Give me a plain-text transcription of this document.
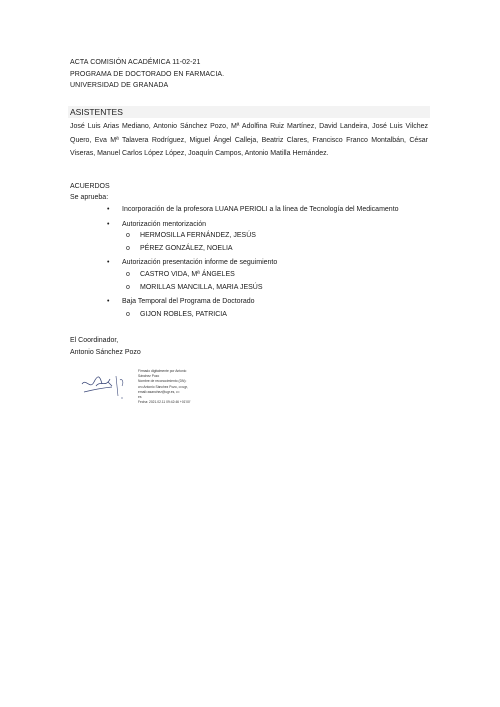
ACTA COMISIÓN ACADÉMICA 11-02-21
PROGRAMA DE DOCTORADO EN FARMACIA.
UNIVERSIDAD DE GRANADA
ASISTENTES
José Luis Arias Mediano, Antonio Sánchez Pozo, Mª Adolfina Ruiz Martínez, David Landeira, José Luis Vilchez Quero, Eva Mª Talavera Rodríguez, Miguel Ángel Calleja, Beatriz Clares, Francisco Franco Montalbán, César Viseras, Manuel Carlos López López, Joaquín Campos, Antonio Matilla Hernández.
ACUERDOS
Se aprueba:
• Incorporación de la profesora LUANA PERIOLI a la línea de Tecnología del Medicamento
• Autorización mentorización
o HERMOSILLA FERNÁNDEZ, JESÚS
o PÉREZ GONZÁLEZ, NOELIA
• Autorización presentación informe de seguimiento
o CASTRO VIDA, Mª ÁNGELES
o MORILLAS MANCILLA, MARIA JESÚS
• Baja Temporal del Programa de Doctorado
o GIJON ROBLES, PATRICIA
El Coordinador,
Antonio Sánchez Pozo
Firmado digitalmente por Antonio
Sánchez Pozo
Nombre de reconocimiento (DN):
cn=Antonio Sánchez Pozo, o=ugr,
email=asanchez@ugr.es, c=
es
Fecha: 2021.02.11 09:42:46 +01'00'
